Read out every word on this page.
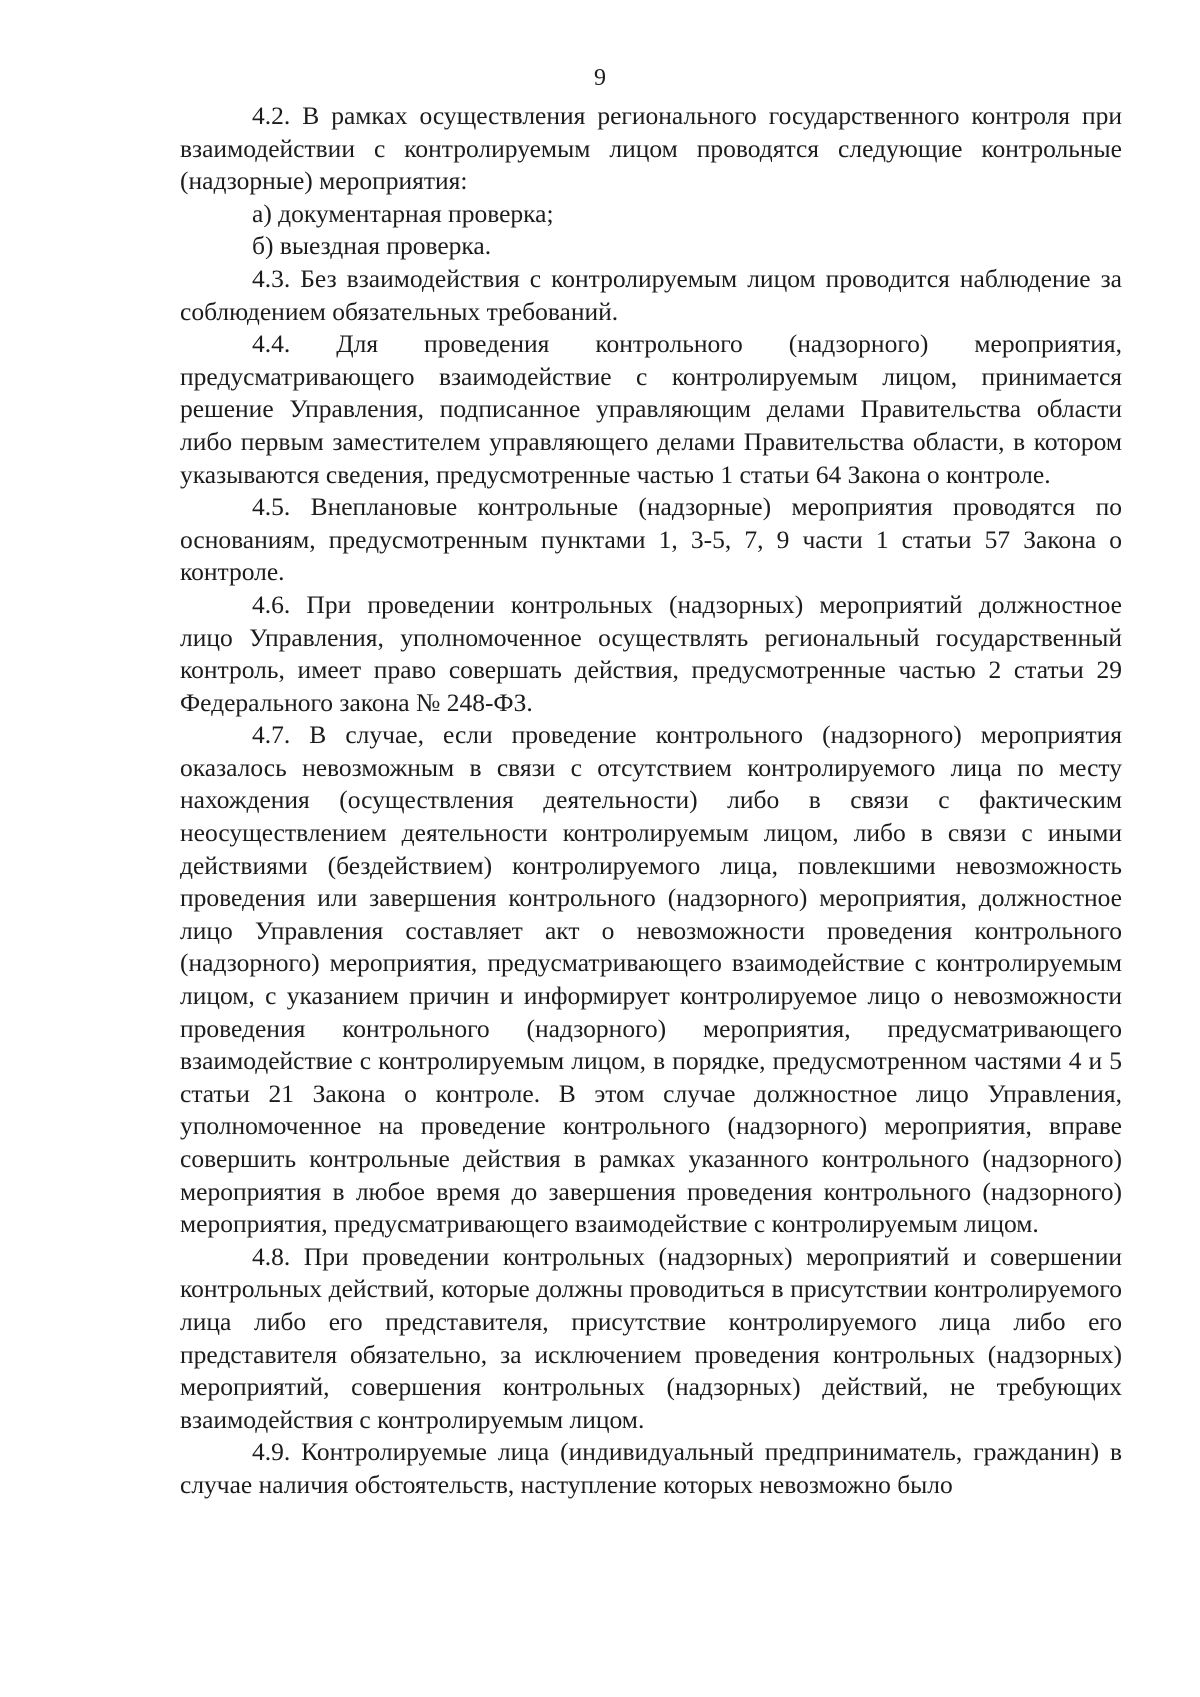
9

4.2. В рамках осуществления регионального государственного контроля при взаимодействии с контролируемым лицом проводятся следующие контрольные (надзорные) мероприятия:

а) документарная проверка;

б) выездная проверка.

4.3. Без взаимодействия с контролируемым лицом проводится наблюдение за соблюдением обязательных требований.

4.4. Для проведения контрольного (надзорного) мероприятия, предусматривающего взаимодействие с контролируемым лицом, принимается решение Управления, подписанное управляющим делами Правительства области либо первым заместителем управляющего делами Правительства области, в котором указываются сведения, предусмотренные частью 1 статьи 64 Закона о контроле.

4.5. Внеплановые контрольные (надзорные) мероприятия проводятся по основаниям, предусмотренным пунктами 1, 3-5, 7, 9 части 1 статьи 57 Закона о контроле.

4.6. При проведении контрольных (надзорных) мероприятий должностное лицо Управления, уполномоченное осуществлять региональный государственный контроль, имеет право совершать действия, предусмотренные частью 2 статьи 29 Федерального закона № 248-ФЗ.

4.7. В случае, если проведение контрольного (надзорного) мероприятия оказалось невозможным в связи с отсутствием контролируемого лица по месту нахождения (осуществления деятельности) либо в связи с фактическим неосуществлением деятельности контролируемым лицом, либо в связи с иными действиями (бездействием) контролируемого лица, повлекшими невозможность проведения или завершения контрольного (надзорного) мероприятия, должностное лицо Управления составляет акт о невозможности проведения контрольного (надзорного) мероприятия, предусматривающего взаимодействие с контролируемым лицом, с указанием причин и информирует контролируемое лицо о невозможности проведения контрольного (надзорного) мероприятия, предусматривающего взаимодействие с контролируемым лицом, в порядке, предусмотренном частями 4 и 5 статьи 21 Закона о контроле. В этом случае должностное лицо Управления, уполномоченное на проведение контрольного (надзорного) мероприятия, вправе совершить контрольные действия в рамках указанного контрольного (надзорного) мероприятия в любое время до завершения проведения контрольного (надзорного) мероприятия, предусматривающего взаимодействие с контролируемым лицом.

4.8. При проведении контрольных (надзорных) мероприятий и совершении контрольных действий, которые должны проводиться в присутствии контролируемого лица либо его представителя, присутствие контролируемого лица либо его представителя обязательно, за исключением проведения контрольных (надзорных) мероприятий, совершения контрольных (надзорных) действий, не требующих взаимодействия с контролируемым лицом.

4.9. Контролируемые лица (индивидуальный предприниматель, гражданин) в случае наличия обстоятельств, наступление которых невозможно было
